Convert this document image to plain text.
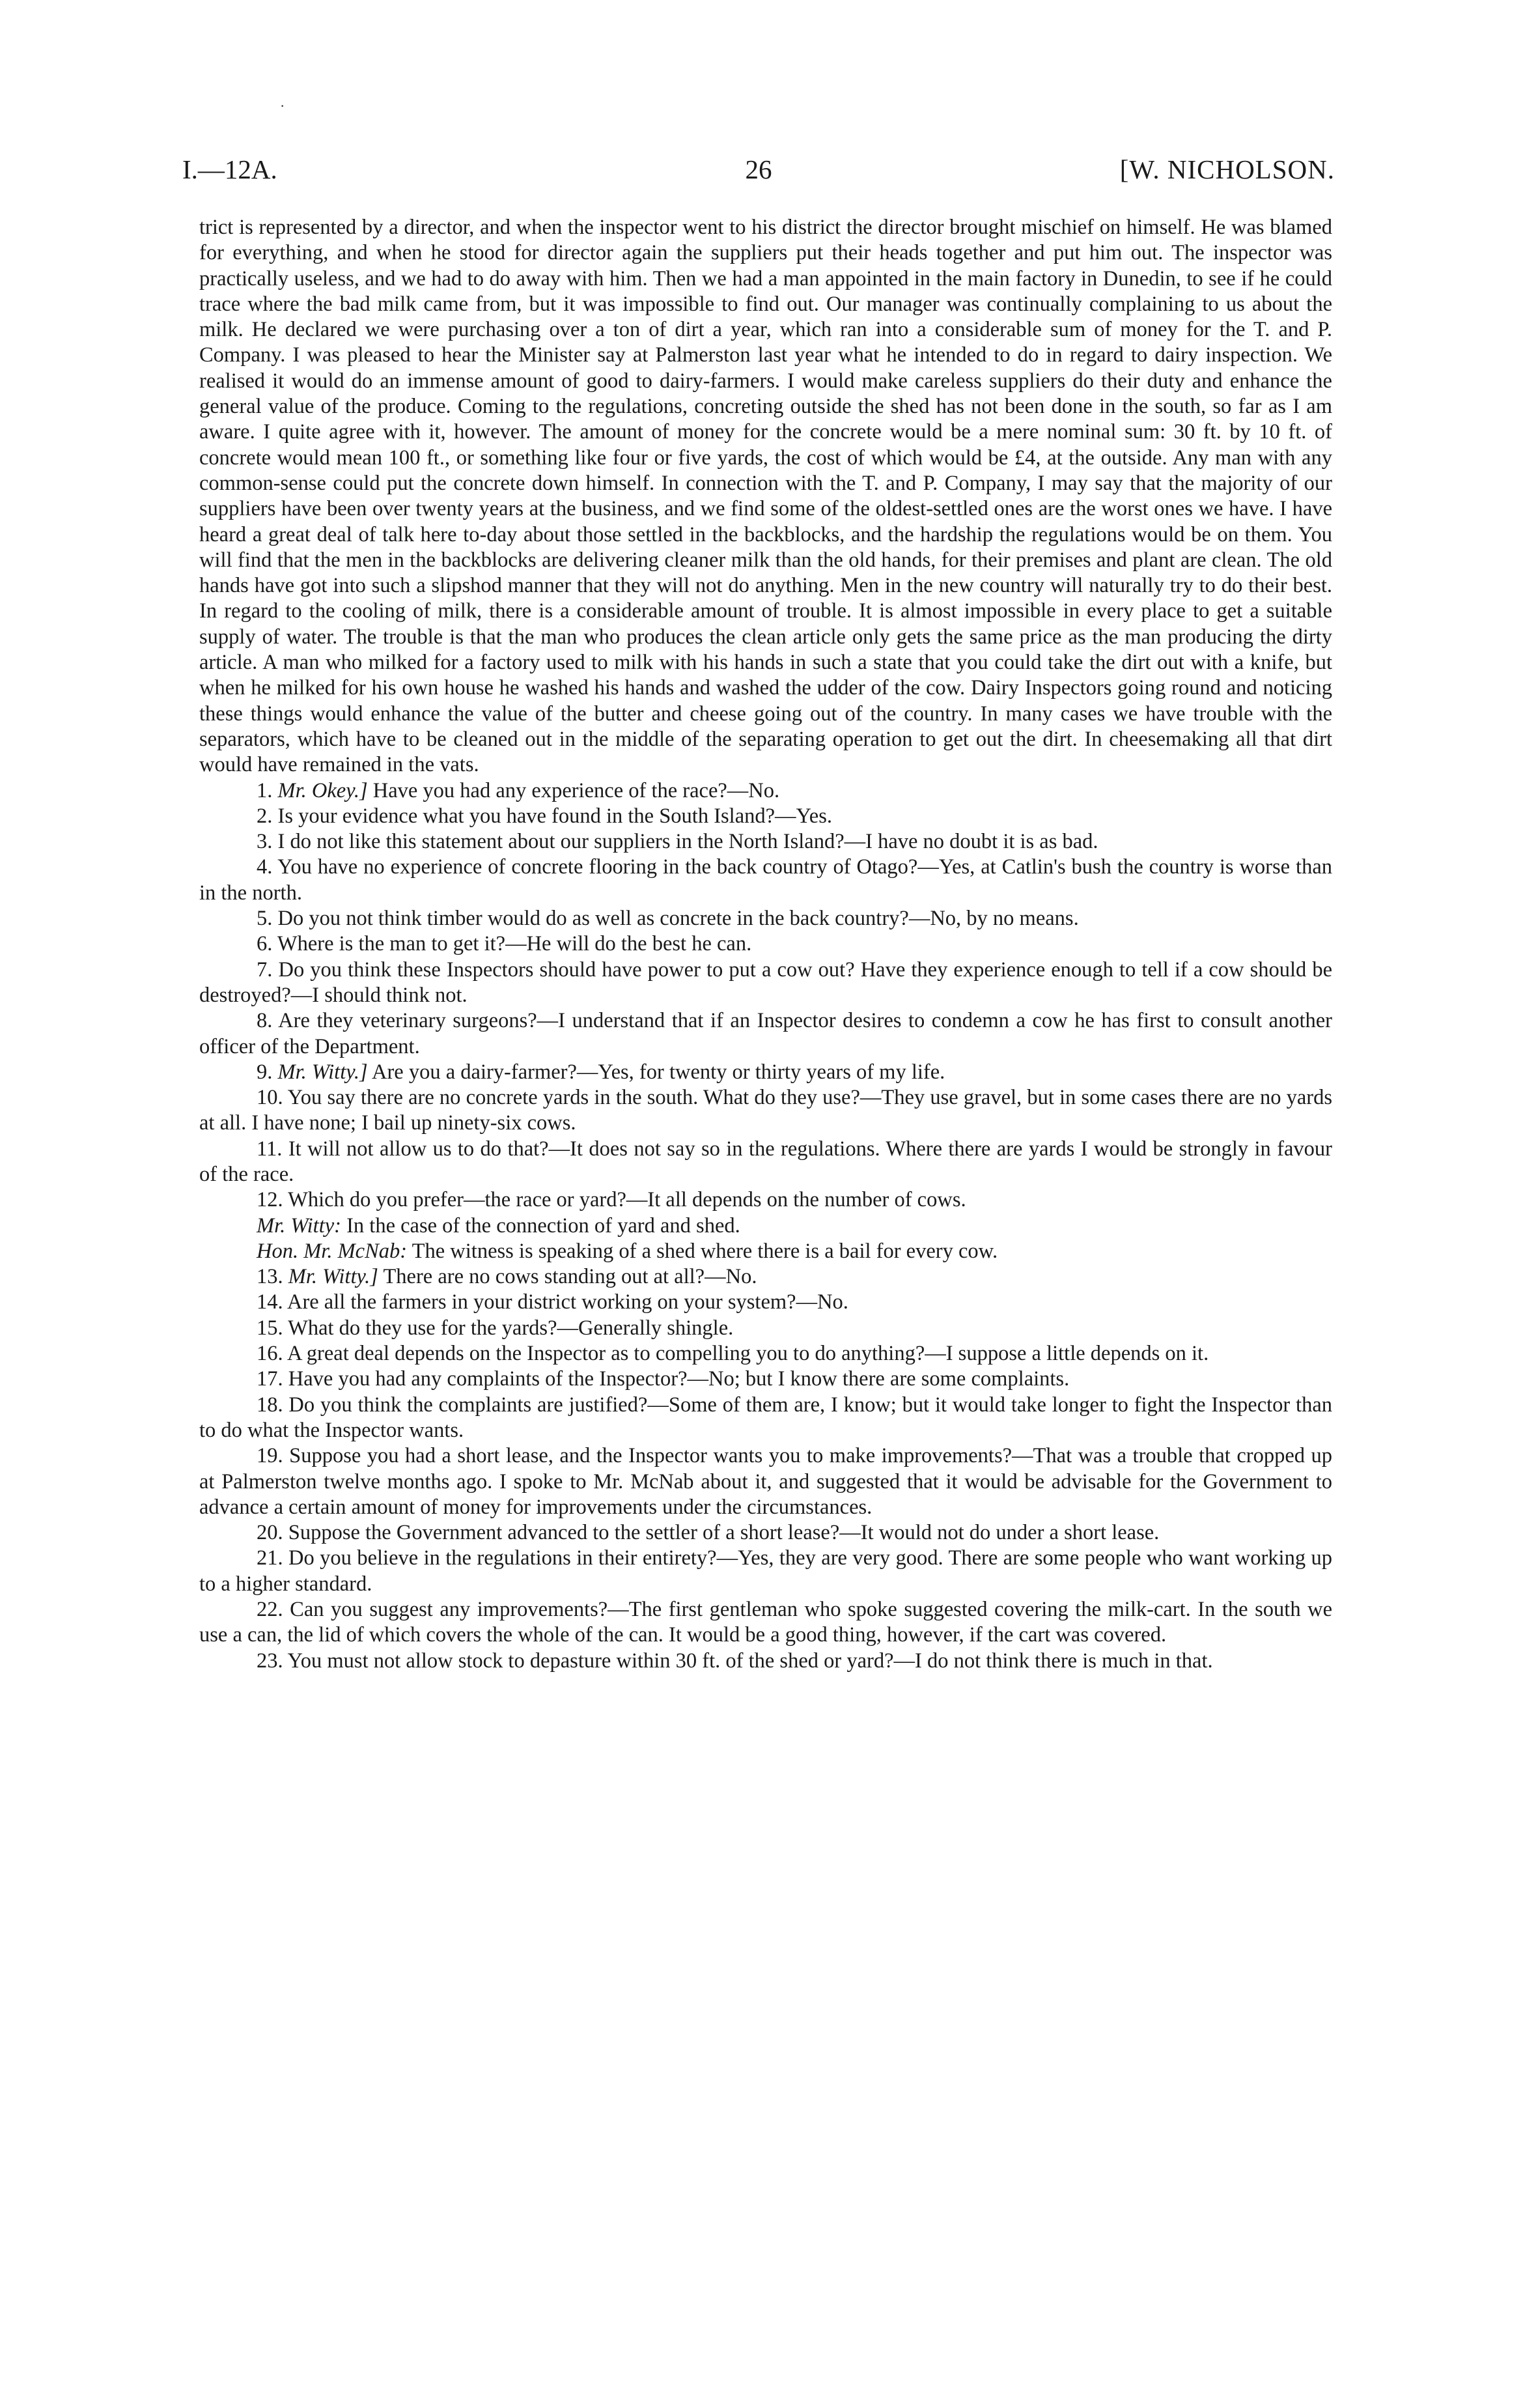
I.—12A.	26	[W. NICHOLSON.

trict is represented by a director, and when the inspector went to his district the director brought mischief on himself. He was blamed for everything, and when he stood for director again the suppliers put their heads together and put him out. The inspector was practically useless, and we had to do away with him. Then we had a man appointed in the main factory in Dunedin, to see if he could trace where the bad milk came from, but it was impossible to find out. Our manager was continually complaining to us about the milk. He declared we were purchasing over a ton of dirt a year, which ran into a considerable sum of money for the T. and P. Company. I was pleased to hear the Minister say at Palmerston last year what he intended to do in regard to dairy inspection. We realised it would do an immense amount of good to dairy-farmers. I would make careless suppliers do their duty and enhance the general value of the produce. Coming to the regulations, concreting outside the shed has not been done in the south, so far as I am aware. I quite agree with it, however. The amount of money for the concrete would be a mere nominal sum: 30 ft. by 10 ft. of concrete would mean 100 ft., or something like four or five yards, the cost of which would be £4, at the outside. Any man with any common-sense could put the concrete down himself. In connection with the T. and P. Company, I may say that the majority of our suppliers have been over twenty years at the business, and we find some of the oldest-settled ones are the worst ones we have. I have heard a great deal of talk here to-day about those settled in the backblocks, and the hardship the regulations would be on them. You will find that the men in the backblocks are delivering cleaner milk than the old hands, for their premises and plant are clean. The old hands have got into such a slipshod manner that they will not do anything. Men in the new country will naturally try to do their best. In regard to the cooling of milk, there is a considerable amount of trouble. It is almost impossible in every place to get a suitable supply of water. The trouble is that the man who produces the clean article only gets the same price as the man producing the dirty article. A man who milked for a factory used to milk with his hands in such a state that you could take the dirt out with a knife, but when he milked for his own house he washed his hands and washed the udder of the cow. Dairy Inspectors going round and noticing these things would enhance the value of the butter and cheese going out of the country. In many cases we have trouble with the separators, which have to be cleaned out in the middle of the separating operation to get out the dirt. In cheesemaking all that dirt would have remained in the vats.

1. Mr. Okey.] Have you had any experience of the race?—No.

2. Is your evidence what you have found in the South Island?—Yes.

3. I do not like this statement about our suppliers in the North Island?—I have no doubt it is as bad.

4. You have no experience of concrete flooring in the back country of Otago?—Yes, at Catlin's bush the country is worse than in the north.

5. Do you not think timber would do as well as concrete in the back country?—No, by no means.

6. Where is the man to get it?—He will do the best he can.

7. Do you think these Inspectors should have power to put a cow out? Have they experience enough to tell if a cow should be destroyed?—I should think not.

8. Are they veterinary surgeons?—I understand that if an Inspector desires to condemn a cow he has first to consult another officer of the Department.

9. Mr. Witty.] Are you a dairy-farmer?—Yes, for twenty or thirty years of my life.

10. You say there are no concrete yards in the south. What do they use?—They use gravel, but in some cases there are no yards at all. I have none; I bail up ninety-six cows.

11. It will not allow us to do that?—It does not say so in the regulations. Where there are yards I would be strongly in favour of the race.

12. Which do you prefer—the race or yard?—It all depends on the number of cows.

Mr. Witty: In the case of the connection of yard and shed.

Hon. Mr. McNab: The witness is speaking of a shed where there is a bail for every cow.

13. Mr. Witty.] There are no cows standing out at all?—No.

14. Are all the farmers in your district working on your system?—No.

15. What do they use for the yards?—Generally shingle.

16. A great deal depends on the Inspector as to compelling you to do anything?—I suppose a little depends on it.

17. Have you had any complaints of the Inspector?—No; but I know there are some complaints.

18. Do you think the complaints are justified?—Some of them are, I know; but it would take longer to fight the Inspector than to do what the Inspector wants.

19. Suppose you had a short lease, and the Inspector wants you to make improvements?—That was a trouble that cropped up at Palmerston twelve months ago. I spoke to Mr. McNab about it, and suggested that it would be advisable for the Government to advance a certain amount of money for improvements under the circumstances.

20. Suppose the Government advanced to the settler of a short lease?—It would not do under a short lease.

21. Do you believe in the regulations in their entirety?—Yes, they are very good. There are some people who want working up to a higher standard.

22. Can you suggest any improvements?—The first gentleman who spoke suggested covering the milk-cart. In the south we use a can, the lid of which covers the whole of the can. It would be a good thing, however, if the cart was covered.

23. You must not allow stock to depasture within 30 ft. of the shed or yard?—I do not think there is much in that.

·
